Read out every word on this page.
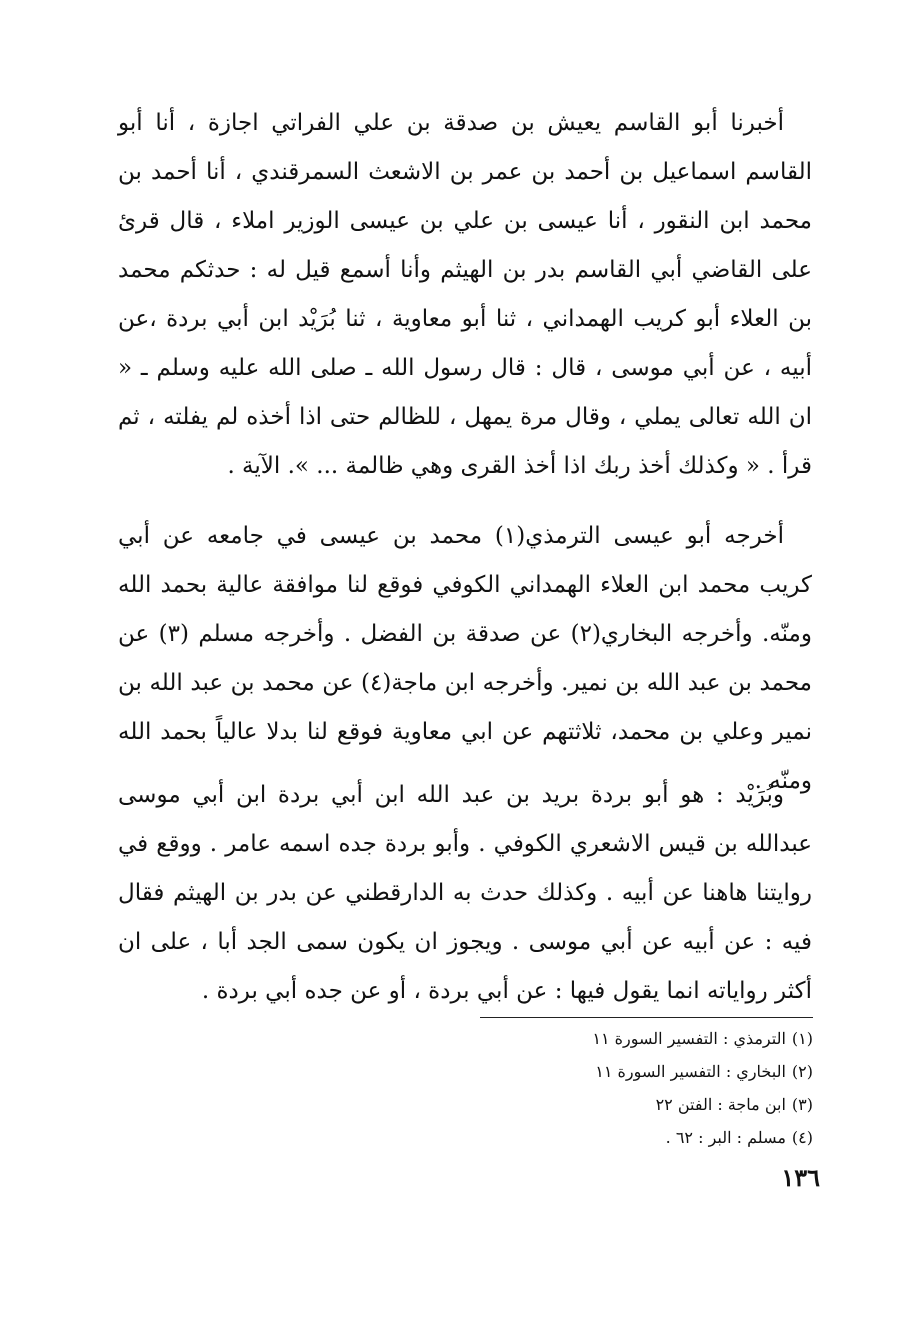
أخبرنا أبو القاسم يعيش بن صدقة بن علي الفراتي اجازة ، أنا أبو القاسم اسماعيل بن أحمد بن عمر بن الاشعث السمرقندي ، أنا أحمد بن محمد ابن النقور ، أنا عيسى بن علي بن عيسى الوزير املاء ، قال قرئ على القاضي أبي القاسم بدر بن الهيثم وأنا أسمع قيل له : حدثكم محمد بن العلاء أبو كريب الهمداني ، ثنا أبو معاوية ، ثنا بُرَيْد ابن أبي بردة ،عن أبيه ، عن أبي موسى ، قال : قال رسول الله ـ صلى الله عليه وسلم ـ « ان الله تعالى يملي ، وقال مرة يمهل ، للظالم حتى اذا أخذه لم يفلته ، ثم قرأ . « وكذلك أخذ ربك اذا أخذ القرى وهي ظالمة ... ». الآية .

أخرجه أبو عيسى الترمذي(١) محمد بن عيسى في جامعه عن أبي كريب محمد ابن العلاء الهمداني الكوفي فوقع لنا موافقة عالية بحمد الله ومنّه. وأخرجه البخاري(٢) عن صدقة بن الفضل . وأخرجه مسلم (٣) عن محمد بن عبد الله بن نمير. وأخرجه ابن ماجة(٤) عن محمد بن عبد الله بن نمير وعلي بن محمد، ثلاثتهم عن ابي معاوية فوقع لنا بدلا عالياً بحمد الله ومنّه .

وبُرَيْد : هو أبو بردة بريد بن عبد الله ابن أبي بردة ابن أبي موسى عبدالله بن قيس الاشعري الكوفي . وأبو بردة جده اسمه عامر . ووقع في روايتنا هاهنا عن أبيه . وكذلك حدث به الدارقطني عن بدر بن الهيثم فقال فيه : عن أبيه عن أبي موسى . ويجوز ان يكون سمى الجد أبا ، على ان أكثر رواياته انما يقول فيها : عن أبي بردة ، أو عن جده أبي بردة .

(١)الترمذي : التفسير السورة ١١
(٢)البخاري : التفسير السورة ١١
(٣)ابن ماجة : الفتن ٢٢
(٤)مسلم : البر : ٦٢ .
١٣٦
